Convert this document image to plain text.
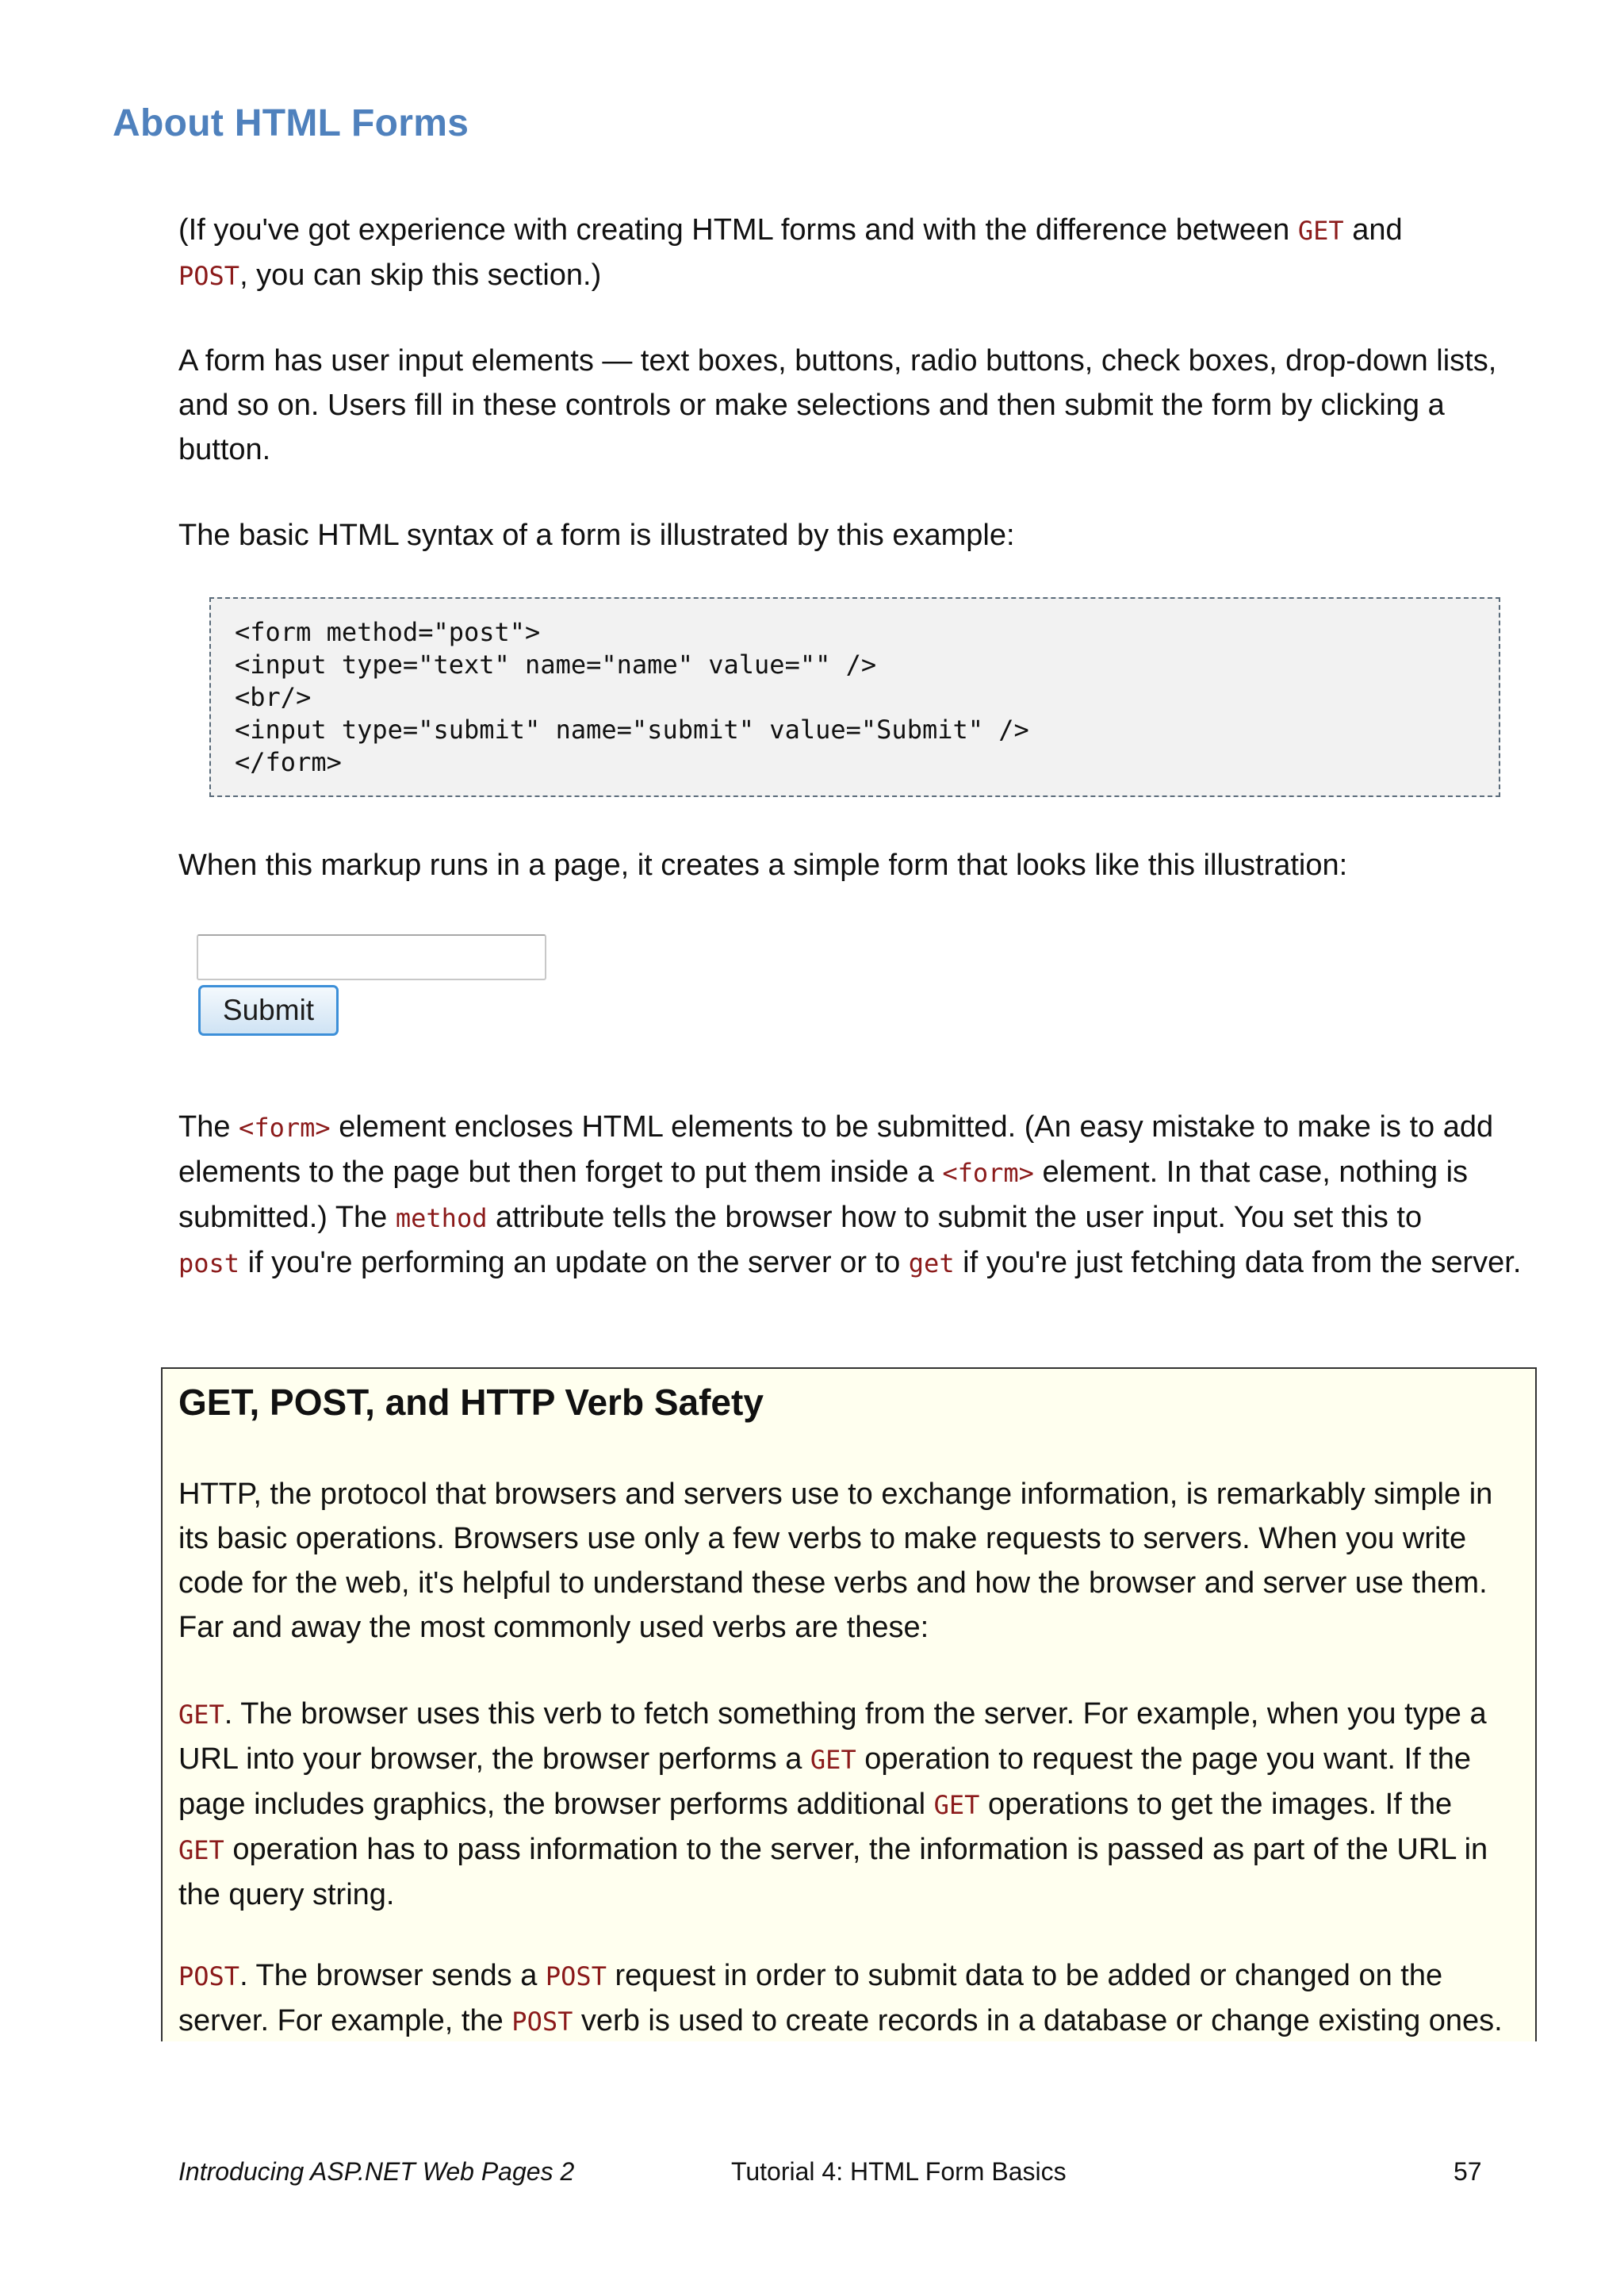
About HTML Forms

(If you've got experience with creating HTML forms and with the difference between GET and
POST, you can skip this section.)

A form has user input elements — text boxes, buttons, radio buttons, check boxes, drop-down lists, and so on. Users fill in these controls or make selections and then submit the form by clicking a button.

The basic HTML syntax of a form is illustrated by this example:

<form method="post">
<input type="text" name="name" value="" />
<br/>
<input type="submit" name="submit" value="Submit" />
</form>

When this markup runs in a page, it creates a simple form that looks like this illustration:

Submit

The <form> element encloses HTML elements to be submitted. (An easy mistake to make is to add elements to the page but then forget to put them inside a <form> element. In that case, nothing is submitted.) The method attribute tells the browser how to submit the user input. You set this to
post if you're performing an update on the server or to get if you're just fetching data from the server.

GET, POST, and HTTP Verb Safety

HTTP, the protocol that browsers and servers use to exchange information, is remarkably simple in its basic operations. Browsers use only a few verbs to make requests to servers. When you write code for the web, it's helpful to understand these verbs and how the browser and server use them. Far and away the most commonly used verbs are these:

GET. The browser uses this verb to fetch something from the server. For example, when you type a URL into your browser, the browser performs a GET operation to request the page you want. If the page includes graphics, the browser performs additional GET operations to get the images. If the
GET operation has to pass information to the server, the information is passed as part of the URL in the query string.

POST. The browser sends a POST request in order to submit data to be added or changed on the server. For example, the POST verb is used to create records in a database or change existing ones.

Introducing ASP.NET Web Pages 2	Tutorial 4: HTML Form Basics	57
